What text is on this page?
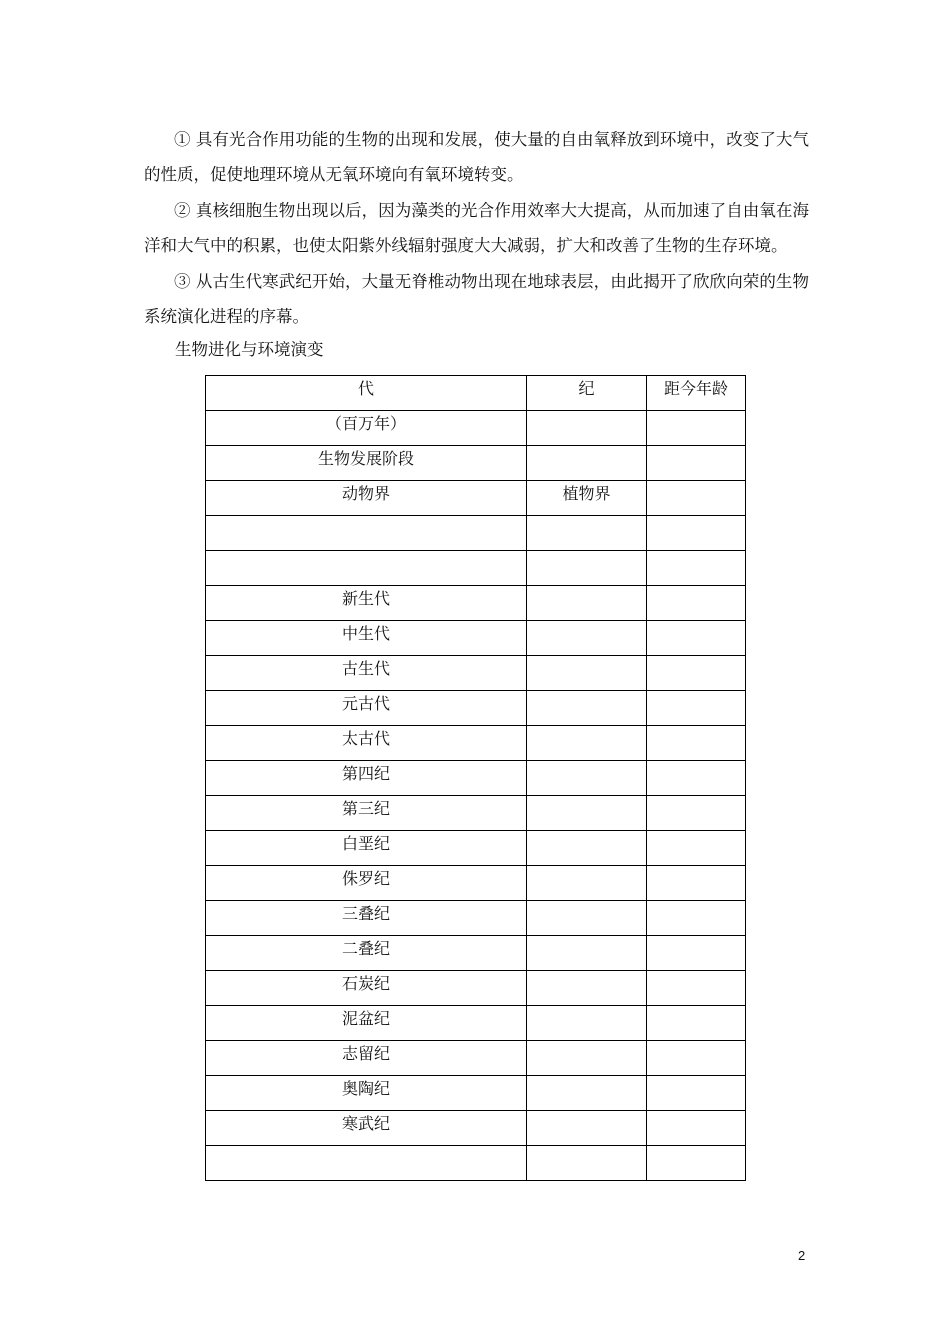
① 具有光合作用功能的生物的出现和发展，使大量的自由氧释放到环境中，改变了大气的性质，促使地理环境从无氧环境向有氧环境转变。

② 真核细胞生物出现以后，因为藻类的光合作用效率大大提高，从而加速了自由氧在海洋和大气中的积累，也使太阳紫外线辐射强度大大减弱，扩大和改善了生物的生存环境。

③ 从古生代寒武纪开始，大量无脊椎动物出现在地球表层，由此揭开了欣欣向荣的生物系统演化进程的序幕。

生物进化与环境演变

代	纪	距今年龄
（百万年）		
生物发展阶段		
动物界	植物界	

新生代		
中生代		
古生代		
元古代		
太古代		
第四纪		
第三纪		
白垩纪		
侏罗纪		
三叠纪		
二叠纪		
石炭纪		
泥盆纪		
志留纪		
奥陶纪		
寒武纪		

2
